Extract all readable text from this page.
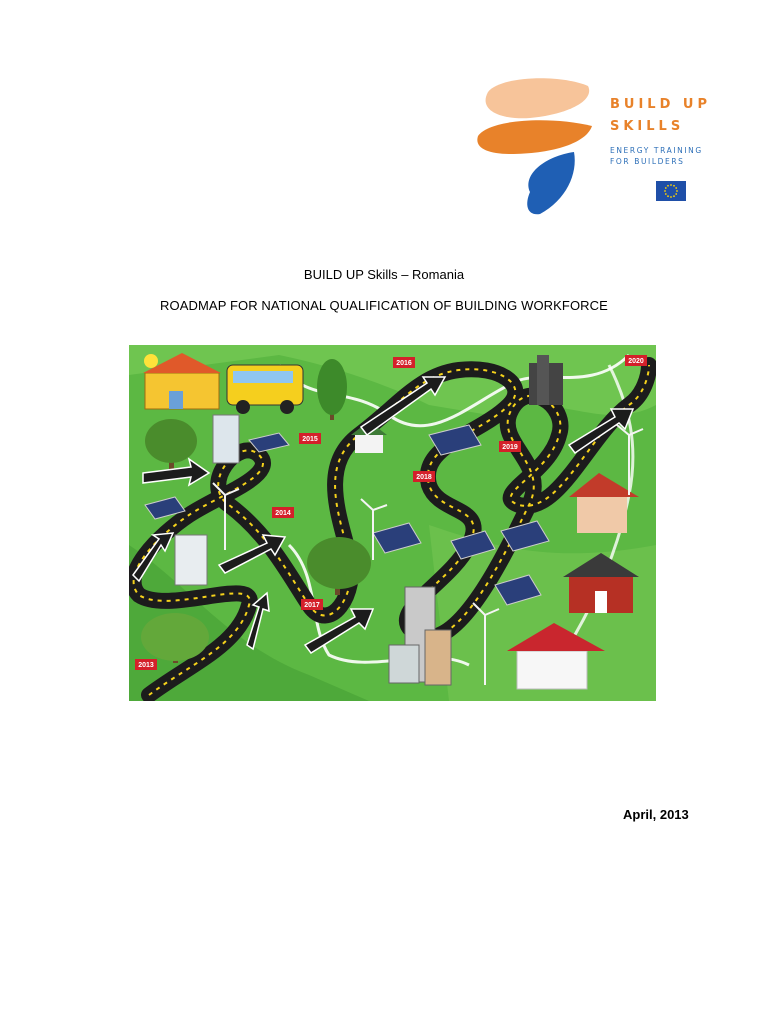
BUILD UP
SKILLS
ENERGY TRAINING
FOR BUILDERS
BUILD UP Skills – Romania
ROADMAP FOR NATIONAL QUALIFICATION OF BUILDING WORKFORCE
2013
2014
2015
2016
2017
2018
2019
2020
April, 2013
